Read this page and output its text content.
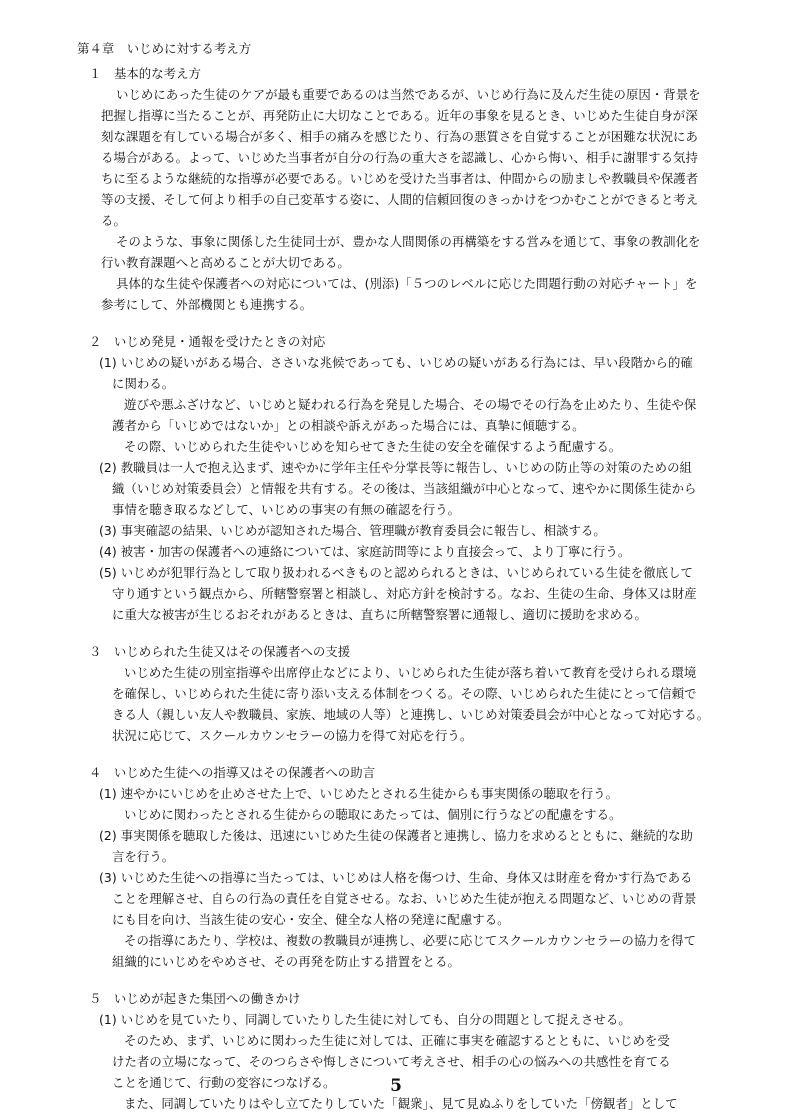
第４章　いじめに対する考え方
１　基本的な考え方
いじめにあった生徒のケアが最も重要であるのは当然であるが、いじめ行為に及んだ生徒の原因・背景を
把握し指導に当たることが、再発防止に大切なことである。近年の事象を見るとき、いじめた生徒自身が深
刻な課題を有している場合が多く、相手の痛みを感じたり、行為の悪質さを自覚することが困難な状況にあ
る場合がある。よって、いじめた当事者が自分の行為の重大さを認識し、心から悔い、相手に謝罪する気持
ちに至るような継続的な指導が必要である。いじめを受けた当事者は、仲間からの励ましや教職員や保護者
等の支援、そして何より相手の自己変革する姿に、人間的信頼回復のきっかけをつかむことができると考え
る。
そのような、事象に関係した生徒同士が、豊かな人間関係の再構築をする営みを通じて、事象の教訓化を
行い教育課題へと高めることが大切である。
具体的な生徒や保護者への対応については、(別添)「５つのレベルに応じた問題行動の対応チャート」を
参考にして、外部機関とも連携する。
２　いじめ発見・通報を受けたときの対応
(1) いじめの疑いがある場合、ささいな兆候であっても、いじめの疑いがある行為には、早い段階から的確
に関わる。
遊びや悪ふざけなど、いじめと疑われる行為を発見した場合、その場でその行為を止めたり、生徒や保
護者から「いじめではないか」との相談や訴えがあった場合には、真摯に傾聴する。
その際、いじめられた生徒やいじめを知らせてきた生徒の安全を確保するよう配慮する。
(2) 教職員は一人で抱え込まず、速やかに学年主任や分掌長等に報告し、いじめの防止等の対策のための組
織（いじめ対策委員会）と情報を共有する。その後は、当該組織が中心となって、速やかに関係生徒から
事情を聴き取るなどして、いじめの事実の有無の確認を行う。
(3) 事実確認の結果、いじめが認知された場合、管理職が教育委員会に報告し、相談する。
(4) 被害・加害の保護者への連絡については、家庭訪問等により直接会って、より丁寧に行う。
(5) いじめが犯罪行為として取り扱われるべきものと認められるときは、いじめられている生徒を徹底して
守り通すという観点から、所轄警察署と相談し、対応方針を検討する。なお、生徒の生命、身体又は財産
に重大な被害が生じるおそれがあるときは、直ちに所轄警察署に通報し、適切に援助を求める。
３　いじめられた生徒又はその保護者への支援
いじめた生徒の別室指導や出席停止などにより、いじめられた生徒が落ち着いて教育を受けられる環境
を確保し、いじめられた生徒に寄り添い支える体制をつくる。その際、いじめられた生徒にとって信頼で
きる人（親しい友人や教職員、家族、地域の人等）と連携し、いじめ対策委員会が中心となって対応する。
状況に応じて、スクールカウンセラーの協力を得て対応を行う。
４　いじめた生徒への指導又はその保護者への助言
(1) 速やかにいじめを止めさせた上で、いじめたとされる生徒からも事実関係の聴取を行う。
いじめに関わったとされる生徒からの聴取にあたっては、個別に行うなどの配慮をする。
(2) 事実関係を聴取した後は、迅速にいじめた生徒の保護者と連携し、協力を求めるとともに、継続的な助
言を行う。
(3) いじめた生徒への指導に当たっては、いじめは人格を傷つけ、生命、身体又は財産を脅かす行為である
ことを理解させ、自らの行為の責任を自覚させる。なお、いじめた生徒が抱える問題など、いじめの背景
にも目を向け、当該生徒の安心・安全、健全な人格の発達に配慮する。
その指導にあたり、学校は、複数の教職員が連携し、必要に応じてスクールカウンセラーの協力を得て
組織的にいじめをやめさせ、その再発を防止する措置をとる。
５　いじめが起きた集団への働きかけ
(1) いじめを見ていたり、同調していたりした生徒に対しても、自分の問題として捉えさせる。
そのため、まず、いじめに関わった生徒に対しては、正確に事実を確認するとともに、いじめを受
けた者の立場になって、そのつらさや悔しさについて考えさせ、相手の心の悩みへの共感性を育てる
ことを通じて、行動の変容につなげる。
また、同調していたりはやし立てたりしていた「観衆」、見て見ぬふりをしていた「傍観者」として
5
